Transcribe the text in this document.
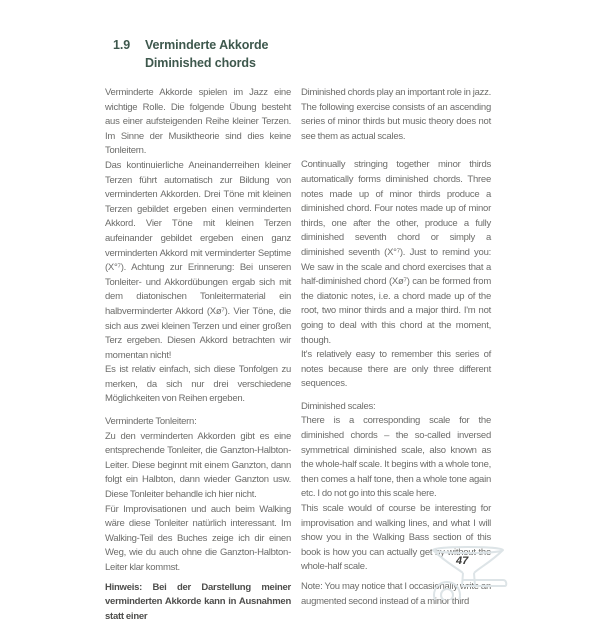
1.9	Verminderte Akkorde
Diminished chords

Verminderte Akkorde spielen im Jazz eine wichtige Rolle. Die folgende Übung besteht aus einer aufsteigenden Reihe kleiner Terzen. Im Sinne der Musiktheorie sind dies keine Tonleitern.

Das kontinuierliche Aneinanderreihen kleiner Terzen führt automatisch zur Bildung von verminderten Akkorden. Drei Töne mit kleinen Terzen gebildet ergeben einen verminderten Akkord. Vier Töne mit kleinen Terzen aufeinander gebildet ergeben einen ganz verminderten Akkord mit verminderter Septime (X°⁷). Achtung zur Erinnerung: Bei unseren Tonleiter- und Akkordübungen ergab sich mit dem diatonischen Tonleitermaterial ein halbverminderter Akkord (Xø⁷). Vier Töne, die sich aus zwei kleinen Terzen und einer großen Terz ergeben. Diesen Akkord betrachten wir momentan nicht!

Es ist relativ einfach, sich diese Tonfolgen zu merken, da sich nur drei verschiedene Möglichkeiten von Reihen ergeben.

Verminderte Tonleitern:

Zu den verminderten Akkorden gibt es eine entsprechende Tonleiter, die Ganzton-Halbton-Leiter. Diese beginnt mit einem Ganzton, dann folgt ein Halbton, dann wieder Ganzton usw. Diese Tonleiter behandle ich hier nicht.

Für Improvisationen und auch beim Walking wäre diese Tonleiter natürlich interessant. Im Walking-Teil des Buches zeige ich dir einen Weg, wie du auch ohne die Ganzton-Halbton-Leiter klar kommst.

Hinweis: Bei der Darstellung meiner verminderten Akkorde kann in Ausnahmen statt einer

Diminished chords play an important role in jazz. The following exercise consists of an ascending series of minor thirds but music theory does not see them as actual scales.

Continually stringing together minor thirds automatically forms diminished chords. Three notes made up of minor thirds produce a diminished chord. Four notes made up of minor thirds, one after the other, produce a fully diminished seventh chord or simply a diminished seventh (X°⁷). Just to remind you: We saw in the scale and chord exercises that a half-diminished chord (Xø⁷) can be formed from the diatonic notes, i.e. a chord made up of the root, two minor thirds and a major third. I'm not going to deal with this chord at the moment, though.

It's relatively easy to remember this series of notes because there are only three different sequences.

Diminished scales:

There is a corresponding scale for the diminished chords – the so-called inversed symmetrical diminished scale, also known as the whole-half scale. It begins with a whole tone, then comes a half tone, then a whole tone again etc. I do not go into this scale here.

This scale would of course be interesting for improvisation and walking lines, and what I will show you in the Walking Bass section of this book is how you can actually get by without the whole-half scale.

Note: You may notice that I occasionally write an augmented second instead of a minor third

47
